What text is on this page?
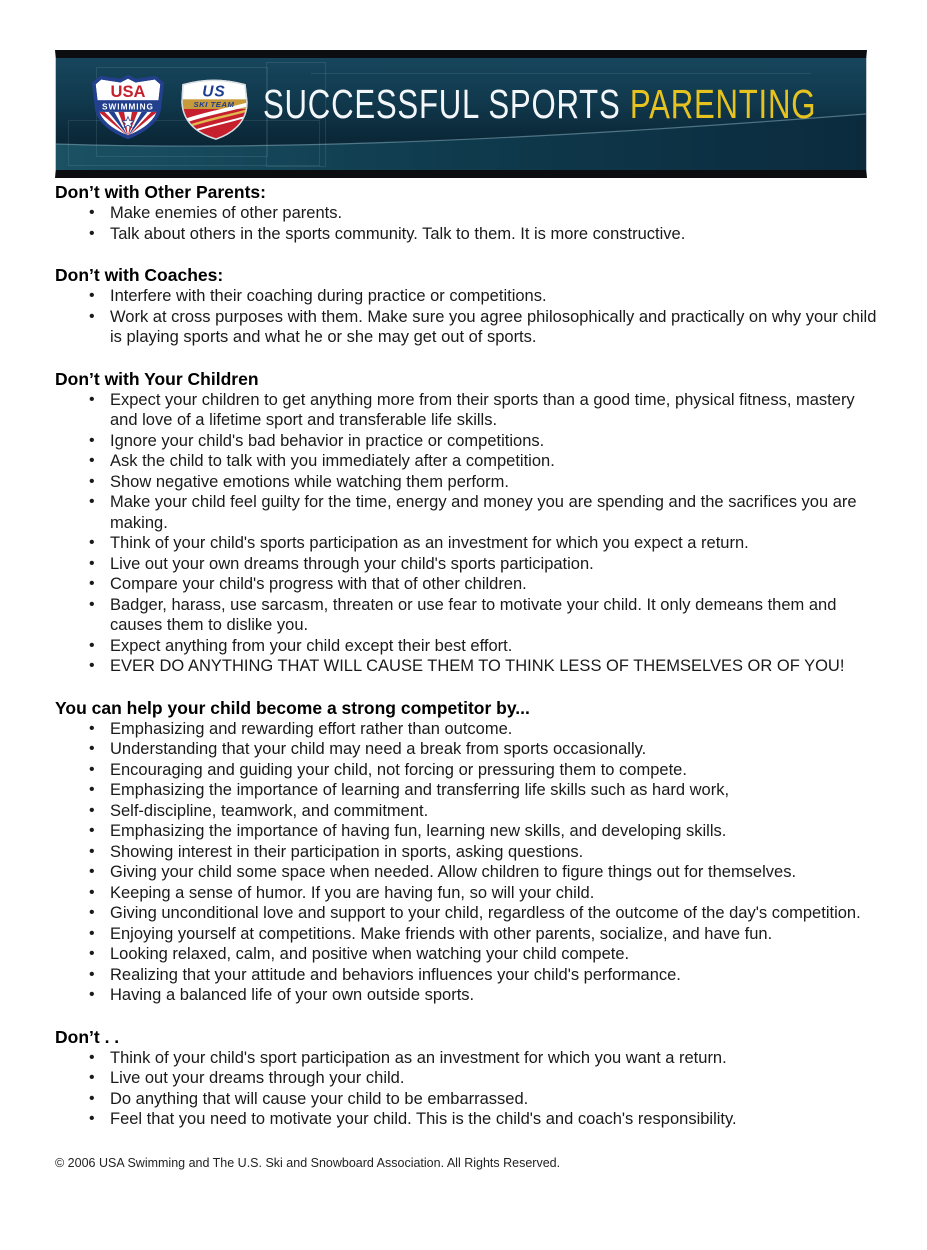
USA
SWIMMING
US
SKI TEAM SUCCESSFUL SPORTS PARENTING
Don’t with Other Parents:
•
Make enemies of other parents.
•
Talk about others in the sports community. Talk to them. It is more constructive.
Don’t with Coaches:
•
Interfere with their coaching during practice or competitions.
•
Work at cross purposes with them. Make sure you agree philosophically and practically on why your child is playing sports and what he or she may get out of sports.
Don’t with Your Children
•
Expect your children to get anything more from their sports than a good time, physical fitness, mastery and love of a lifetime sport and transferable life skills.
•
Ignore your child's bad behavior in practice or competitions.
•
Ask the child to talk with you immediately after a competition.
•
Show negative emotions while watching them perform.
•
Make your child feel guilty for the time, energy and money you are spending and the sacrifices you are making.
•
Think of your child's sports participation as an investment for which you expect a return.
•
Live out your own dreams through your child's sports participation.
•
Compare your child's progress with that of other children.
•
Badger, harass, use sarcasm, threaten or use fear to motivate your child. It only demeans them and causes them to dislike you.
•
Expect anything from your child except their best effort.
•
EVER DO ANYTHING THAT WILL CAUSE THEM TO THINK LESS OF THEMSELVES OR OF YOU!
You can help your child become a strong competitor by...
•
Emphasizing and rewarding effort rather than outcome.
•
Understanding that your child may need a break from sports occasionally.
•
Encouraging and guiding your child, not forcing or pressuring them to compete.
•
Emphasizing the importance of learning and transferring life skills such as hard work,
•
Self-discipline, teamwork, and commitment.
•
Emphasizing the importance of having fun, learning new skills, and developing skills.
•
Showing interest in their participation in sports, asking questions.
•
Giving your child some space when needed. Allow children to figure things out for themselves.
•
Keeping a sense of humor. If you are having fun, so will your child.
•
Giving unconditional love and support to your child, regardless of the outcome of the day's competition.
•
Enjoying yourself at competitions. Make friends with other parents, socialize, and have fun.
•
Looking relaxed, calm, and positive when watching your child compete.
•
Realizing that your attitude and behaviors influences your child's performance.
•
Having a balanced life of your own outside sports.
Don’t . .
•
Think of your child's sport participation as an investment for which you want a return.
•
Live out your dreams through your child.
•
Do anything that will cause your child to be embarrassed.
•
Feel that you need to motivate your child. This is the child's and coach's responsibility.
© 2006 USA Swimming and The U.S. Ski and Snowboard Association. All Rights Reserved.
